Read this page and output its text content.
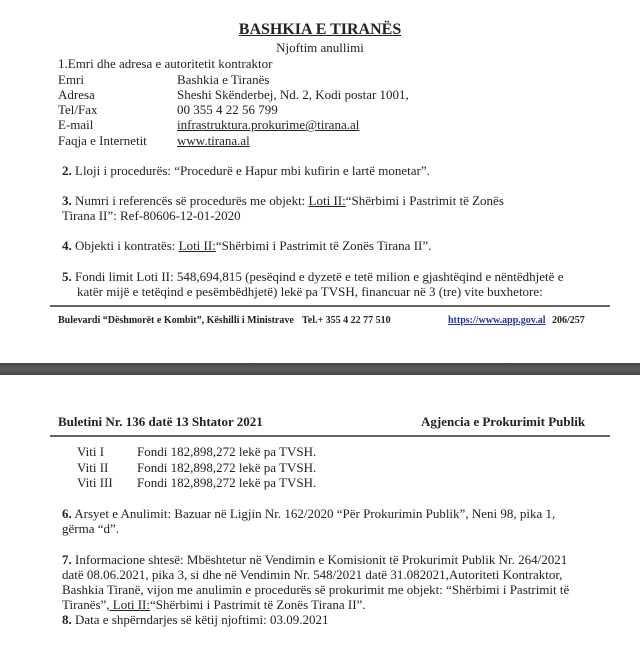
BASHKIA E TIRANËS
Njoftim anullimi
1.Emri dhe adresa e autoritetit kontraktor
Emri	Bashkia e Tiranës
Adresa	Sheshi Skënderbej, Nd. 2, Kodi postar 1001,
Tel/Fax	00 355 4 22 56 799
E-mail	infrastruktura.prokurime@tirana.al
Faqja e Internetit www.tirana.al
2. Lloji i procedurës: “Procedurë e Hapur mbi kufirin e lartë monetar”.
3. Numri i referencës së procedurës me objekt: Loti II:“Shërbimi i Pastrimit të Zonës
Tirana II”: Ref-80606-12-01-2020
4. Objekti i kontratës: Loti II:“Shërbimi i Pastrimit të Zonës Tirana II”.
5. Fondi limit Loti II: 548,694,815 (pesëqind e dyzetë e tetë milion e gjashtëqind e nëntëdhjetë e
katër mijë e tetëqind e pesëmbëdhjetë) lekë pa TVSH, financuar në 3 (tre) vite buxhetore:
Bulevardi “Dëshmorët e Kombit”, Këshilli i Ministrave Tel.+ 355 4 22 77 510	https://www.app.gov.al 206/257
Buletini Nr. 136 datë 13 Shtator 2021	Agjencia e Prokurimit Publik
Viti I	Fondi 182,898,272 lekë pa TVSH.
Viti II Fondi 182,898,272 lekë pa TVSH.
Viti III Fondi 182,898,272 lekë pa TVSH.
6. Arsyet e Anulimit: Bazuar në Ligjin Nr. 162/2020 “Për Prokurimin Publik”, Neni 98, pika 1,
gërma “d”.
7. Informacione shtesë: Mbështetur në Vendimin e Komisionit të Prokurimit Publik Nr. 264/2021
datë 08.06.2021, pika 3, si dhe në Vendimin Nr. 548/2021 datë 31.082021,Autoriteti Kontraktor,
Bashkia Tiranë, vijon me anulimin e procedurës së prokurimit me objekt: “Shërbimi i Pastrimit të
Tiranës”, Loti II:“Shërbimi i Pastrimit të Zonës Tirana II”.
8. Data e shpërndarjes së këtij njoftimi: 03.09.2021
